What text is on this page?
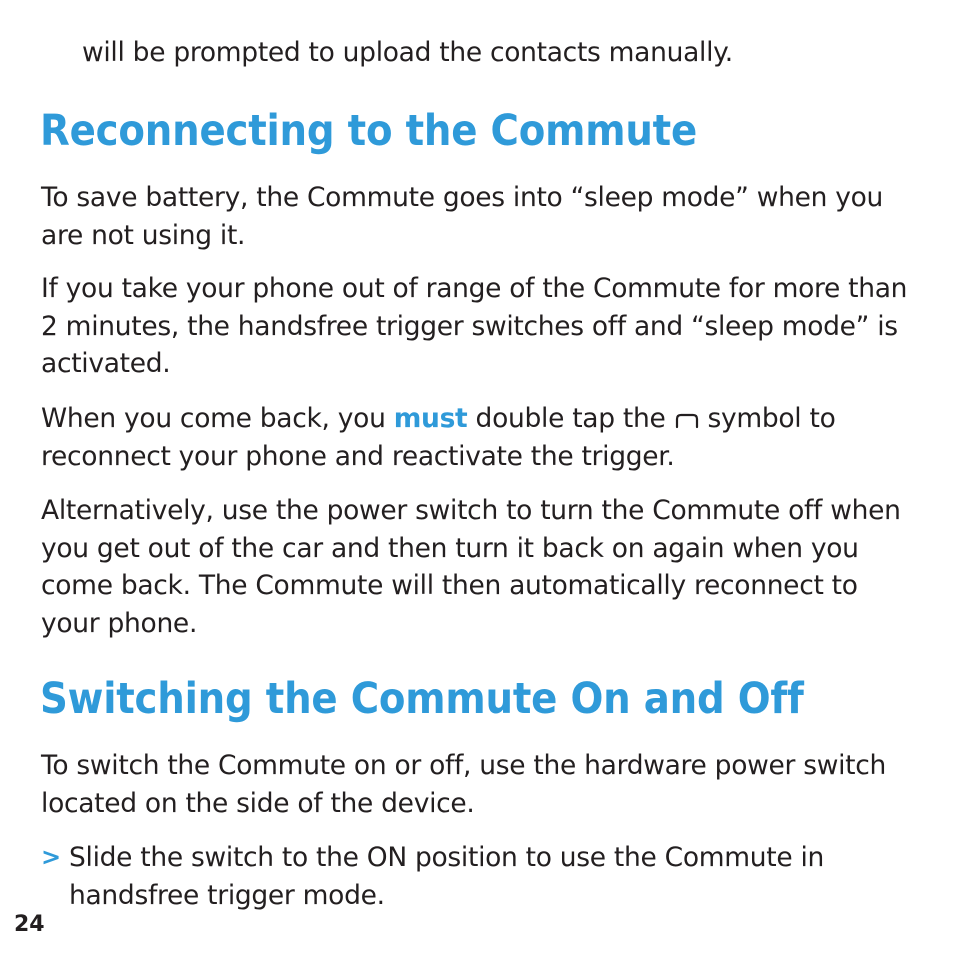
will be prompted to upload the contacts manually.

Reconnecting to the Commute

To save battery, the Commute goes into “sleep mode” when you are not using it.

If you take your phone out of range of the Commute for more than 2 minutes, the handsfree trigger switches off and “sleep mode” is activated.

When you come back, you must double tap the symbol to reconnect your phone and reactivate the trigger.

Alternatively, use the power switch to turn the Commute off when you get out of the car and then turn it back on again when you come back. The Commute will then automatically reconnect to your phone.

Switching the Commute On and Off

To switch the Commute on or off, use the hardware power switch located on the side of the device.

> Slide the switch to the ON position to use the Commute in handsfree trigger mode.

24
